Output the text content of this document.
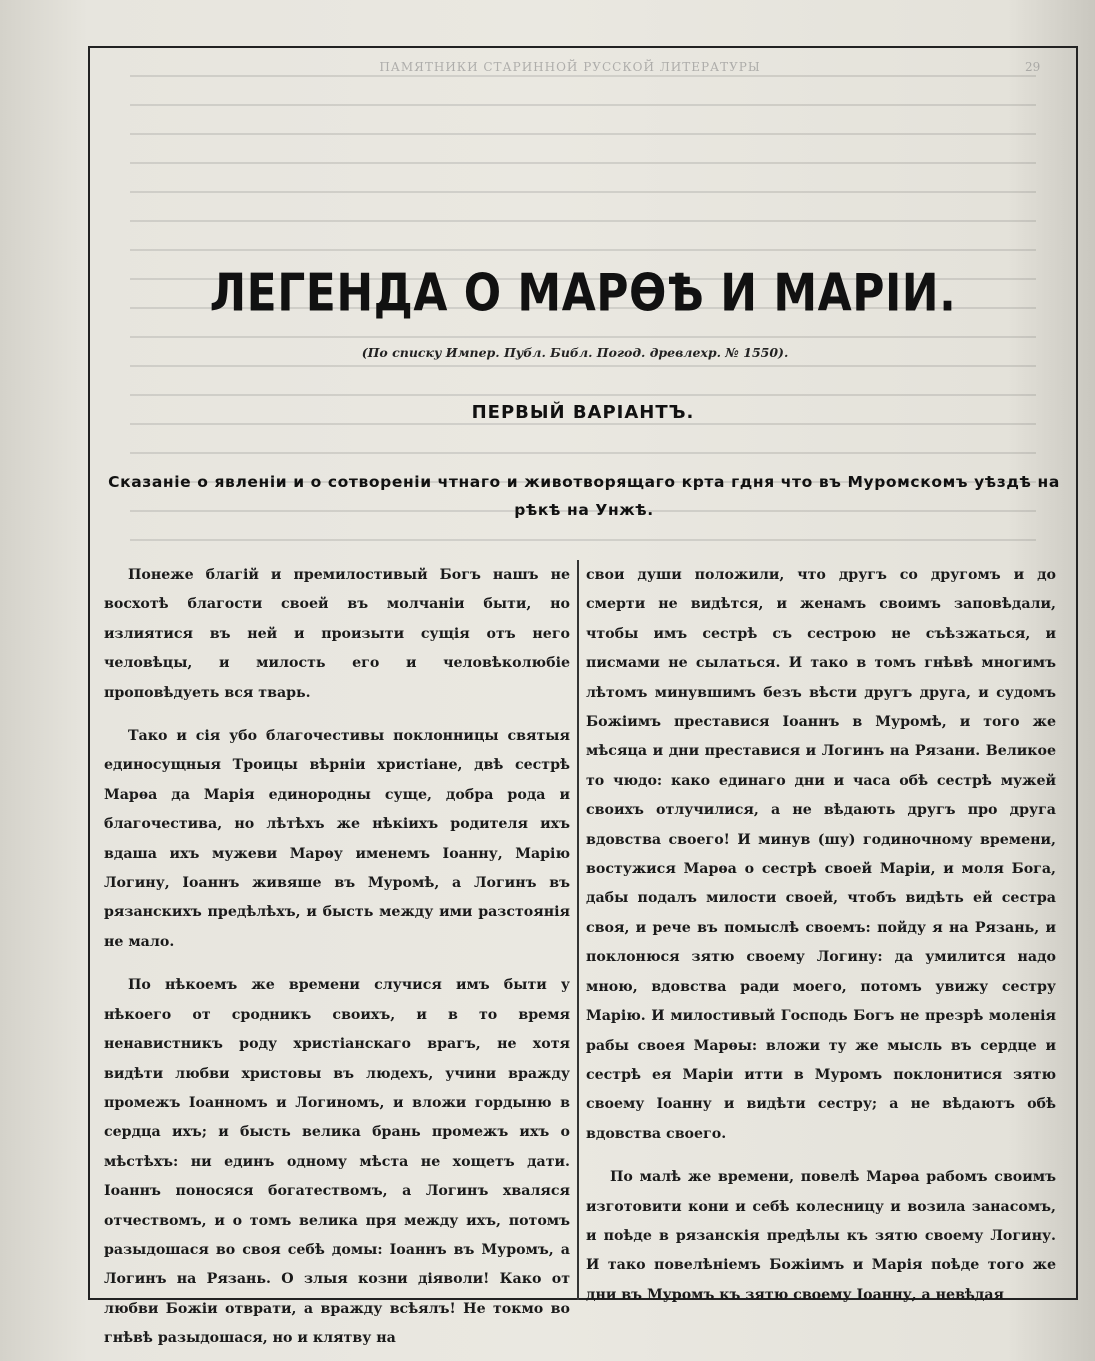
ПАМЯТНИКИ СТАРИННОЙ РУССКОЙ ЛИТЕРАТУРЫ	29
ЛЕГЕНДА О МАРѲѢ И МАРІИ.
(По списку Импер. Публ. Библ. Погод. древлехр. № 1550).
ПЕРВЫЙ ВАРІАНТЪ.
Сказаніе о явленіи и о сотвореніи чтнаго и животворящаго крта гдня что въ Муромскомъ уѣздѣ на рѣкѣ на Унжѣ.

Понеже благій и премилостивый Богъ нашъ не восхотѣ благости своей въ молчаніи быти, но излиятися въ ней и произыти сущія отъ него человѣцы, и милость его и человѣколюбіе проповѣдуеть вся тварь.

Тако и сія убо благочестивы поклонницы святыя единосущныя Троицы вѣрніи христіане, двѣ сестрѣ Марѳа да Марія единородны суще, добра рода и благочестива, но лѣтѣхъ же нѣкіихъ родителя ихъ вдаша ихъ мужеви Марѳу именемъ Іоанну, Марію Логину, Іоаннъ живяше въ Муромѣ, а Логинъ въ рязанскихъ предѣлѣхъ, и бысть между ими разстоянія не мало.

По нѣкоемъ же времени случися имъ быти у нѣкоего от сродникъ своихъ, и в то время ненавистникъ роду христіанскаго врагъ, не хотя видѣти любви христовы въ людехъ, учини вражду промежъ Іоанномъ и Логиномъ, и вложи гордыню в сердца ихъ; и бысть велика брань промежъ ихъ о мѣстѣхъ: ни единъ одному мѣста не хощетъ дати. Іоаннъ поносяся богатествомъ, а Логинъ хваляся отчествомъ, и о томъ велика пря между ихъ, потомъ разыдошася во своя себѣ домы: Іоаннъ въ Муромъ, а Логинъ на Рязань. О злыя козни діяволи! Како от любви Божіи отврати, а вражду всѣялъ! Не токмо во гнѣвѣ разыдошася, но и клятву на

свои души положили, что другъ со другомъ и до смерти не видѣтся, и женамъ своимъ заповѣдали, чтобы имъ сестрѣ съ сестрою не съѣзжаться, и писмами не сылаться. И тако в томъ гнѣвѣ многимъ лѣтомъ минувшимъ безъ вѣсти другъ друга, и судомъ Божіимъ преставися Іоаннъ в Муромѣ, и того же мѣсяца и дни преставися и Логинъ на Рязани. Великое то чюдо: како единаго дни и часа обѣ сестрѣ мужей своихъ отлучилися, а не вѣдають другъ про друга вдовства своего! И минув (шу) годиночному времени, востужися Марѳа о сестрѣ своей Маріи, и моля Бога, дабы подалъ милости своей, чтобъ видѣть ей сестра своя, и рече въ помыслѣ своемъ: пойду я на Рязань, и поклонюся зятю своему Логину: да умилится надо мною, вдовства ради моего, потомъ увижу сестру Марію. И милостивый Господь Богъ не презрѣ моленія рабы своея Марѳы: вложи ту же мысль въ сердце и сестрѣ ея Маріи итти в Муромъ поклонитися зятю своему Іоанну и видѣти сестру; а не вѣдаютъ обѣ вдовства своего.

По малѣ же времени, повелѣ Марѳа рабомъ своимъ изготовити кони и себѣ колесницу и возила занасомъ, и поѣде в рязанскія предѣлы къ зятю своему Логину. И тако повелѣніемъ Божіимъ и Марія поѣде того же дни въ Муромъ къ зятю своему Іоанну, а невѣдая
